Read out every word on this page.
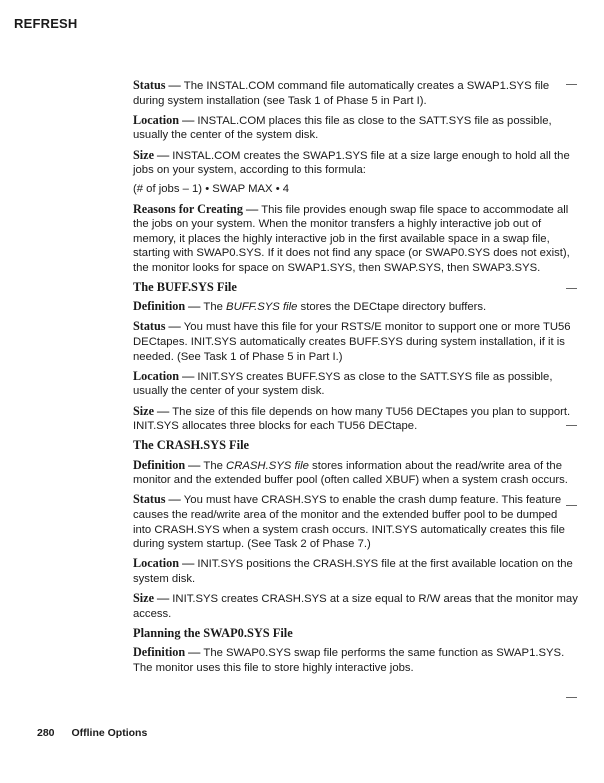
REFRESH

Status — The INSTAL.COM command file automatically creates a SWAP1.SYS file during system installation (see Task 1 of Phase 5 in Part I).

Location — INSTAL.COM places this file as close to the SATT.SYS file as possible, usually the center of the system disk.

Size — INSTAL.COM creates the SWAP1.SYS file at a size large enough to hold all the jobs on your system, according to this formula:

(# of jobs – 1) • SWAP MAX • 4

Reasons for Creating — This file provides enough swap file space to accommodate all the jobs on your system. When the monitor transfers a highly interactive job out of memory, it places the highly interactive job in the first available space in a swap file, starting with SWAP0.SYS. If it does not find any space (or SWAP0.SYS does not exist), the monitor looks for space on SWAP1.SYS, then SWAP.SYS, then SWAP3.SYS.

The BUFF.SYS File

Definition — The BUFF.SYS file stores the DECtape directory buffers.

Status — You must have this file for your RSTS/E monitor to support one or more TU56 DECtapes. INIT.SYS automatically creates BUFF.SYS during system installation, if it is needed. (See Task 1 of Phase 5 in Part I.)

Location — INIT.SYS creates BUFF.SYS as close to the SATT.SYS file as possible, usually the center of your system disk.

Size — The size of this file depends on how many TU56 DECtapes you plan to support. INIT.SYS allocates three blocks for each TU56 DECtape.

The CRASH.SYS File

Definition — The CRASH.SYS file stores information about the read/write area of the monitor and the extended buffer pool (often called XBUF) when a system crash occurs.

Status — You must have CRASH.SYS to enable the crash dump feature. This feature causes the read/write area of the monitor and the extended buffer pool to be dumped into CRASH.SYS when a system crash occurs. INIT.SYS automatically creates this file during system startup. (See Task 2 of Phase 7.)

Location — INIT.SYS positions the CRASH.SYS file at the first available location on the system disk.

Size — INIT.SYS creates CRASH.SYS at a size equal to R/W areas that the monitor may access.

Planning the SWAP0.SYS File

Definition — The SWAP0.SYS swap file performs the same function as SWAP1.SYS. The monitor uses this file to store highly interactive jobs.

280 Offline Options
